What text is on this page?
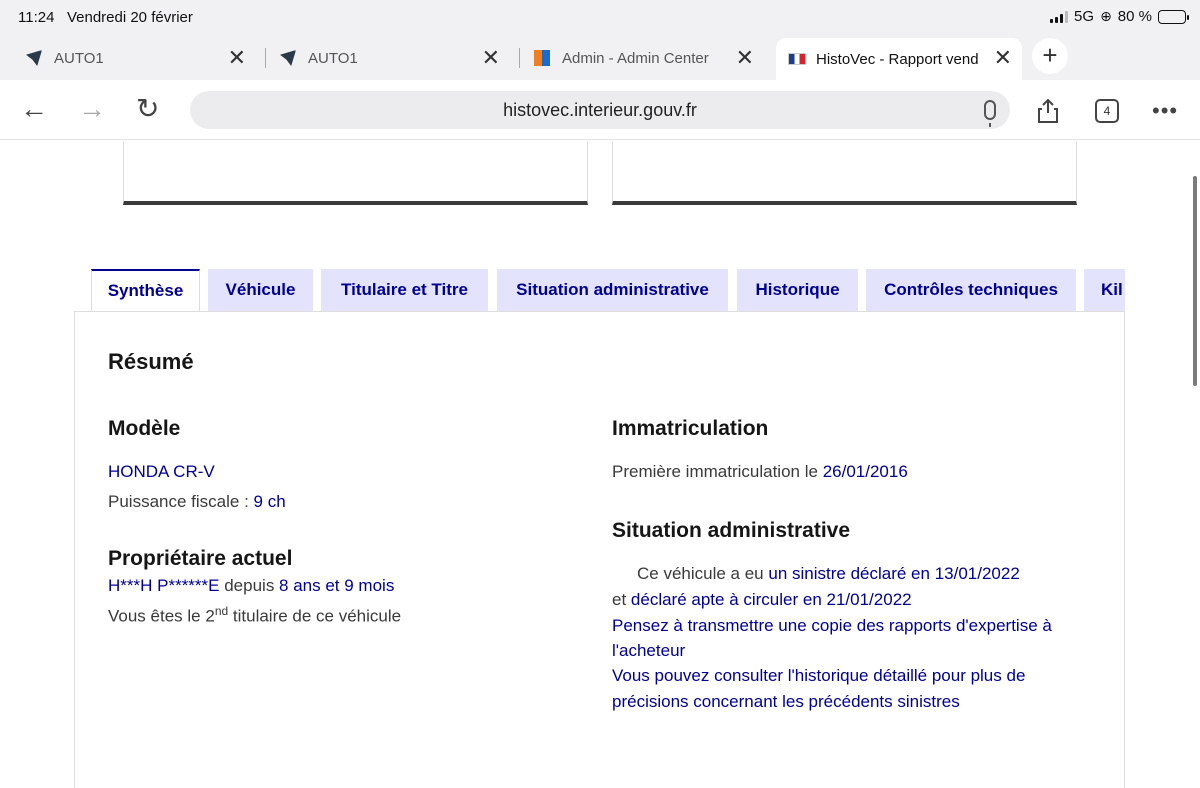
11:24 Vendredi 20 février	5G ⊕ 80 %
AUTO1	✕	AUTO1	✕	Admin - Admin Center ✕	HistoVec - Rapport vend ✕	+
← → ↻	histovec.interieur.gouv.fr	4	•••
Synthèse	Véhicule	Titulaire et Titre	Situation administrative	Historique	Contrôles techniques	Kil
Résumé
Modèle
HONDA CR-V
Puissance fiscale : 9 ch
Propriétaire actuel
H***H P******E depuis 8 ans et 9 mois
Vous êtes le 2nd titulaire de ce véhicule
Immatriculation
Première immatriculation le 26/01/2016
Situation administrative
Ce véhicule a eu un sinistre déclaré en 13/01/2022
et déclaré apte à circuler en 21/01/2022
Pensez à transmettre une copie des rapports d'expertise à
l'acheteur
Vous pouvez consulter l'historique détaillé pour plus de
précisions concernant les précédents sinistres
